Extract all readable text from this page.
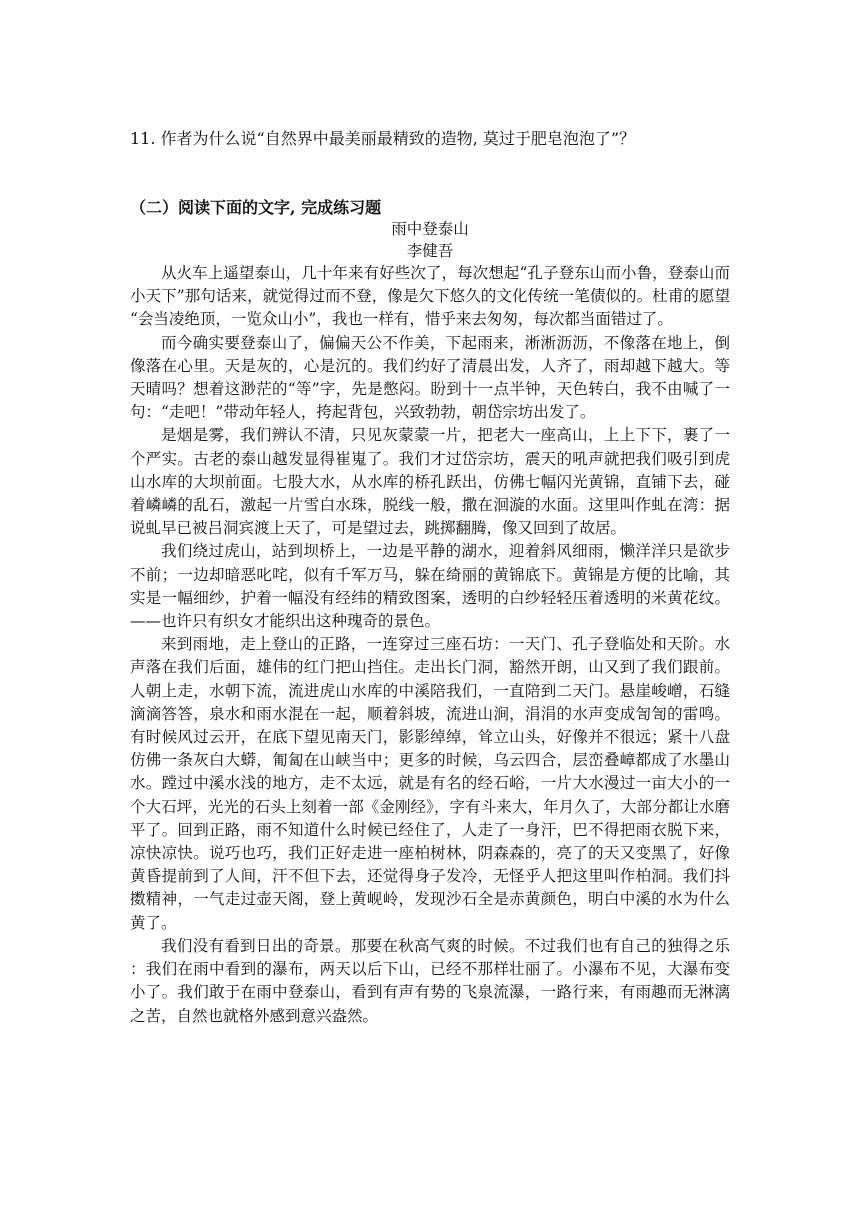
11. 作者为什么说“自然界中最美丽最精致的造物, 莫过于肥皂泡泡了”？
（二）阅读下面的文字, 完成练习题
雨中登泰山
李健吾

从火车上遥望泰山，几十年来有好些次了，每次想起“孔子登东山而小鲁，登泰山而小天下”那句话来，就觉得过而不登，像是欠下悠久的文化传统一笔债似的。杜甫的愿望“会当凌绝顶，一览众山小”，我也一样有，惜乎来去匆匆，每次都当面错过了。

而今确实要登泰山了，偏偏天公不作美，下起雨来，淅淅沥沥，不像落在地上，倒像落在心里。天是灰的，心是沉的。我们约好了清晨出发，人齐了，雨却越下越大。等天晴吗？想着这渺茫的“等”字，先是憋闷。盼到十一点半钟，天色转白，我不由喊了一句：“走吧！”带动年轻人，挎起背包，兴致勃勃，朝岱宗坊出发了。

是烟是雾，我们辨认不清，只见灰蒙蒙一片，把老大一座高山，上上下下，裹了一个严实。古老的泰山越发显得崔嵬了。我们才过岱宗坊，震天的吼声就把我们吸引到虎山水库的大坝前面。七股大水，从水库的桥孔跃出，仿佛七幅闪光黄锦，直铺下去，碰着嶙嶙的乱石，激起一片雪白水珠，脱线一般，撒在洄漩的水面。这里叫作虬在湾：据说虬早已被吕洞宾渡上天了，可是望过去，跳掷翻腾，像又回到了故居。

我们绕过虎山，站到坝桥上，一边是平静的湖水，迎着斜风细雨，懒洋洋只是欲步不前；一边却暗恶叱咤，似有千军万马，躲在绮丽的黄锦底下。黄锦是方便的比喻，其实是一幅细纱，护着一幅没有经纬的精致图案，透明的白纱轻轻压着透明的米黄花纹。——也许只有织女才能织出这种瑰奇的景色。

来到雨地，走上登山的正路，一连穿过三座石坊：一天门、孔子登临处和天阶。水声落在我们后面，雄伟的红门把山挡住。走出长门洞，豁然开朗，山又到了我们跟前。人朝上走，水朝下流，流进虎山水库的中溪陪我们，一直陪到二天门。悬崖峻嶒，石缝滴滴答答，泉水和雨水混在一起，顺着斜坡，流进山涧，涓涓的水声变成訇訇的雷鸣。有时候风过云开，在底下望见南天门，影影绰绰，耸立山头，好像并不很远；紧十八盘仿佛一条灰白大蟒，匍匐在山峡当中；更多的时候，乌云四合，层峦叠嶂都成了水墨山水。蹚过中溪水浅的地方，走不太远，就是有名的经石峪，一片大水漫过一亩大小的一个大石坪，光光的石头上刻着一部《金刚经》，字有斗来大，年月久了，大部分都让水磨平了。回到正路，雨不知道什么时候已经住了，人走了一身汗，巴不得把雨衣脱下来，凉快凉快。说巧也巧，我们正好走进一座柏树林，阴森森的，亮了的天又变黑了，好像黄昏提前到了人间，汗不但下去，还觉得身子发冷，无怪乎人把这里叫作柏洞。我们抖擞精神，一气走过壶天阁，登上黄岘岭，发现沙石全是赤黄颜色，明白中溪的水为什么黄了。

我们没有看到日出的奇景。那要在秋高气爽的时候。不过我们也有自己的独得之乐：我们在雨中看到的瀑布，两天以后下山，已经不那样壮丽了。小瀑布不见，大瀑布变小了。我们敢于在雨中登泰山，看到有声有势的飞泉流瀑，一路行来，有雨趣而无淋漓之苦，自然也就格外感到意兴盎然。
